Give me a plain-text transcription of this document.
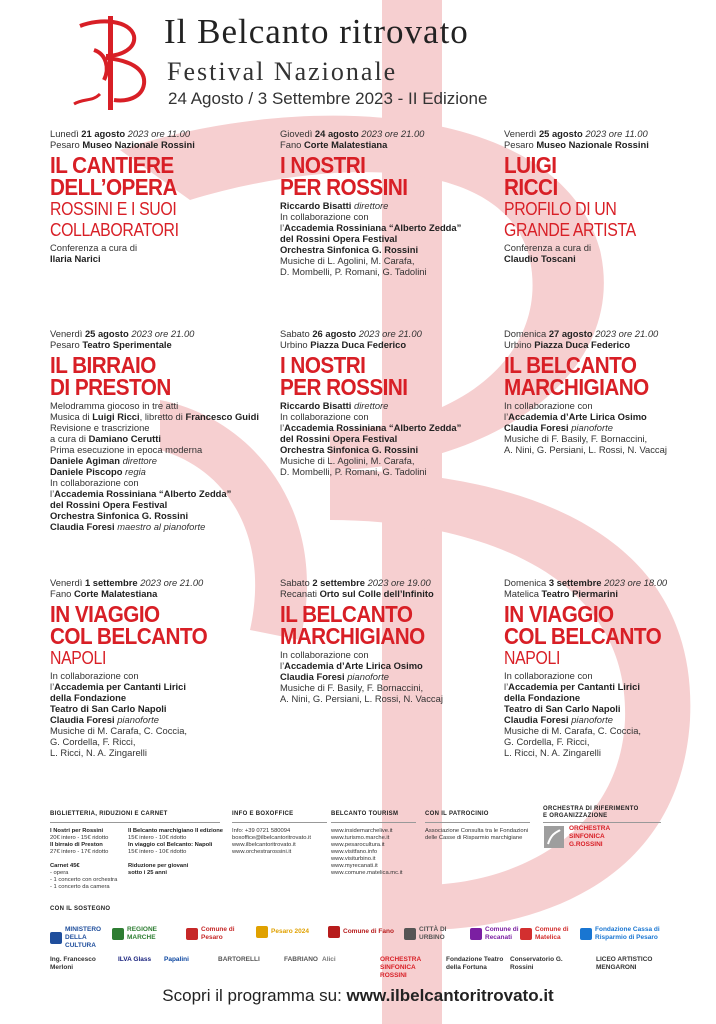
Il Belcanto ritrovato
Festival Nazionale
24 Agosto / 3 Settembre 2023 - II Edizione
Lunedì 21 agosto 2023 ore 11.00
Pesaro Museo Nazionale Rossini
IL CANTIERE
DELL’OPERA
ROSSINI E I SUOI
COLLABORATORI
Conferenza a cura di
Ilaria Narici
Giovedì 24 agosto 2023 ore 21.00
Fano Corte Malatestiana
I NOSTRI
PER ROSSINI
Riccardo Bisatti direttore
In collaborazione con
l’Accademia Rossiniana “Alberto Zedda”
del Rossini Opera Festival
Orchestra Sinfonica G. Rossini
Musiche di L. Agolini, M. Carafa,
D. Mombelli, P. Romani, G. Tadolini
Venerdì 25 agosto 2023 ore 11.00
Pesaro Museo Nazionale Rossini
LUIGI
RICCI
PROFILO DI UN
GRANDE ARTISTA
Conferenza a cura di
Claudio Toscani
Venerdì 25 agosto 2023 ore 21.00
Pesaro Teatro Sperimentale
IL BIRRAIO
DI PRESTON
Melodramma giocoso in tre atti
Musica di Luigi Ricci, libretto di Francesco Guidi
Revisione e trascrizione
a cura di Damiano Cerutti
Prima esecuzione in epoca moderna
Daniele Agiman direttore
Daniele Piscopo regia
In collaborazione con
l’Accademia Rossiniana “Alberto Zedda”
del Rossini Opera Festival
Orchestra Sinfonica G. Rossini
Claudia Foresi maestro al pianoforte
Sabato 26 agosto 2023 ore 21.00
Urbino Piazza Duca Federico
I NOSTRI
PER ROSSINI
Riccardo Bisatti direttore
In collaborazione con
l’Accademia Rossiniana “Alberto Zedda”
del Rossini Opera Festival
Orchestra Sinfonica G. Rossini
Musiche di L. Agolini, M. Carafa,
D. Mombelli, P. Romani, G. Tadolini
Domenica 27 agosto 2023 ore 21.00
Urbino Piazza Duca Federico
IL BELCANTO
MARCHIGIANO
In collaborazione con
l’Accademia d’Arte Lirica Osimo
Claudia Foresi pianoforte
Musiche di F. Basily, F. Bornaccini,
A. Nini, G. Persiani, L. Rossi, N. Vaccaj
Venerdì 1 settembre 2023 ore 21.00
Fano Corte Malatestiana
IN VIAGGIO
COL BELCANTO
NAPOLI
In collaborazione con
l’Accademia per Cantanti Lirici
della Fondazione
Teatro di San Carlo Napoli
Claudia Foresi pianoforte
Musiche di M. Carafa, C. Coccia,
G. Cordella, F. Ricci,
L. Ricci, N. A. Zingarelli
Sabato 2 settembre 2023 ore 19.00
Recanati Orto sul Colle dell’Infinito
IL BELCANTO
MARCHIGIANO
In collaborazione con
l’Accademia d’Arte Lirica Osimo
Claudia Foresi pianoforte
Musiche di F. Basily, F. Bornaccini,
A. Nini, G. Persiani, L. Rossi, N. Vaccaj
Domenica 3 settembre 2023 ore 18.00
Matelica Teatro Piermarini
IN VIAGGIO
COL BELCANTO
NAPOLI
In collaborazione con
l’Accademia per Cantanti Lirici
della Fondazione
Teatro di San Carlo Napoli
Claudia Foresi pianoforte
Musiche di M. Carafa, C. Coccia,
G. Cordella, F. Ricci,
L. Ricci, N. A. Zingarelli
BIGLIETTERIA, RIDUZIONI E CARNET
I Nostri per Rossini
20€ intero - 15€ ridotto
Il birraio di Preston
27€ intero - 17€ ridotto

Carnet 45€
- opera
- 1 concerto con orchestra
- 1 concerto da camera
Il Belcanto marchigiano II edizione
15€ intero - 10€ ridotto
In viaggio col Belcanto: Napoli
15€ intero - 10€ ridotto

Riduzione per giovani
sotto i 25 anni
INFO E BOXOFFICE
Info: +39 0721 580094
boxoffice@ilbelcantoritrovato.it
www.ilbelcantoritrovato.it
www.orchestrarossini.it
BELCANTO TOURISM
www.insidemarchelive.it
www.turismo.marche.it
www.pesarocultura.it
www.visitfano.info
www.visiturbino.it
www.myrecanati.it
www.comune.matelica.mc.it
CON IL PATROCINIO
Associazione Consulta tra le Fondazioni
delle Casse di Risparmio marchigiane
ORCHESTRA DI RIFERIMENTO
E ORGANIZZAZIONE
ORCHESTRA SINFONICA G.ROSSINI
CON IL SOSTEGNO
MINISTERO DELLA CULTURA
REGIONE MARCHE
Comune di Pesaro
Pesaro 2024	Comune di Fano	CITTÀ DI URBINO
Comune di Recanati
Comune di Matelica
Fondazione Cassa di Risparmio di Pesaro
Ing. Francesco Merloni
ILVA Glass Papalini	BARTORELLI	FABRIANO Alici	ORCHESTRA SINFONICA ROSSINI
Fondazione Teatro della Fortuna
Conservatorio G. Rossini
LICEO ARTISTICO MENGARONI
Scopri il programma su: www.ilbelcantoritrovato.it
